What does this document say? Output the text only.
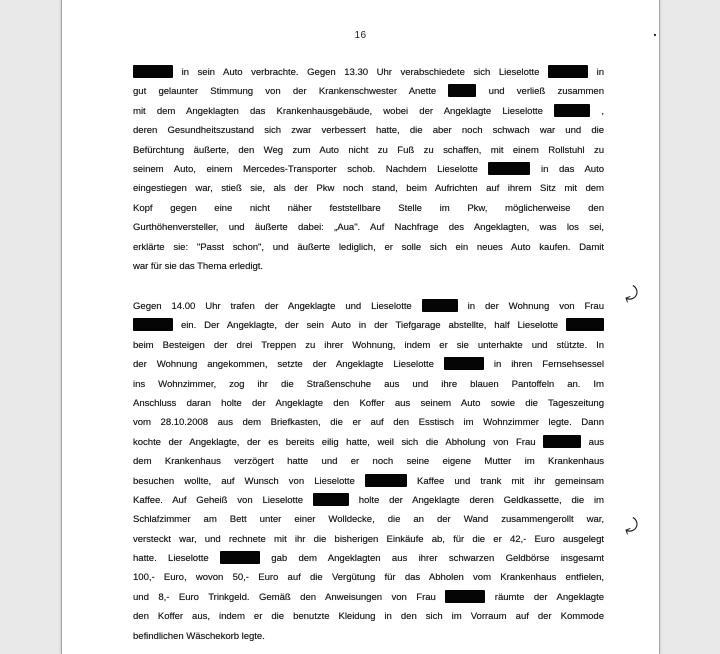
16
in sein Auto verbrachte. Gegen 13.30 Uhr verabschiedete sich Lieselotte	in
gut gelaunter Stimmung von der Krankenschwester Anette	und verließ zusammen
mit dem Angeklagten das Krankenhausgebäude, wobei der Angeklagte Lieselotte	,
deren Gesundheitszustand sich zwar verbessert hatte, die aber noch schwach war und die
Befürchtung äußerte, den Weg zum Auto nicht zu Fuß zu schaffen, mit einem Rollstuhl zu
seinem Auto, einem Mercedes-Transporter schob. Nachdem Lieselotte	in das Auto
eingestiegen war, stieß sie, als der Pkw noch stand, beim Aufrichten auf ihrem Sitz mit dem
Kopf gegen eine nicht näher feststellbare Stelle im Pkw, möglicherweise den
Gurthöhenversteller, und äußerte dabei: „Aua". Auf Nachfrage des Angeklagten, was los sei,
erklärte sie: "Passt schon", und äußerte lediglich, er solle sich ein neues Auto kaufen. Damit
war für sie das Thema erledigt.
Gegen 14.00 Uhr trafen der Angeklagte und Lieselotte	in der Wohnung von Frau
ein. Der Angeklagte, der sein Auto in der Tiefgarage abstellte, half Lieselotte
beim Besteigen der drei Treppen zu ihrer Wohnung, indem er sie unterhakte und stützte. In
der Wohnung angekommen, setzte der Angeklagte Lieselotte	in ihren Fernsehsessel
ins Wohnzimmer, zog ihr die Straßenschuhe aus und ihre blauen Pantoffeln an. Im
Anschluss daran holte der Angeklagte den Koffer aus seinem Auto sowie die Tageszeitung
vom 28.10.2008 aus dem Briefkasten, die er auf den Esstisch im Wohnzimmer legte. Dann
kochte der Angeklagte, der es bereits eilig hatte, weil sich die Abholung von Frau	aus
dem Krankenhaus verzögert hatte und er noch seine eigene Mutter im Krankenhaus
besuchen wollte, auf Wunsch von Lieselotte	Kaffee und trank mit ihr gemeinsam
Kaffee. Auf Geheiß von Lieselotte	holte der Angeklagte deren Geldkassette, die im
Schlafzimmer am Bett unter einer Wolldecke, die an der Wand zusammengerollt war,
versteckt war, und rechnete mit ihr die bisherigen Einkäufe ab, für die er 42,- Euro ausgelegt
hatte. Lieselotte	gab dem Angeklagten aus ihrer schwarzen Geldbörse insgesamt
100,- Euro, wovon 50,- Euro auf die Vergütung für das Abholen vom Krankenhaus entfielen,
und 8,- Euro Trinkgeld. Gemäß den Anweisungen von Frau	räumte der Angeklagte
den Koffer aus, indem er die benutzte Kleidung in den sich im Vorraum auf der Kommode
befindlichen Wäschekorb legte.
⤾
⤾
